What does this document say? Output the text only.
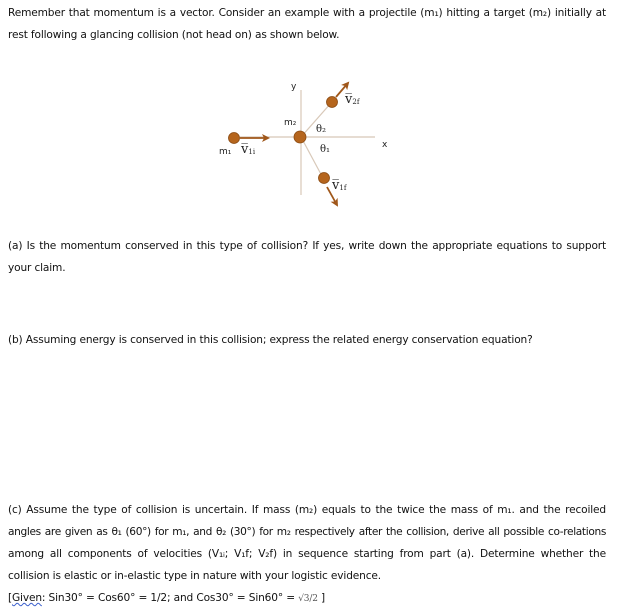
Remember that momentum is a vector. Consider an example with a projectile (m₁) hitting a target (m₂) initially at
rest following a glancing collision (not head on) as shown below.
y
x
m₁
m₂
θ₂
θ₁
$v̅_{1i}$
$v̅_{2f}$
$v̅_{1f}$
(a) Is the momentum conserved in this type of collision? If yes, write down the appropriate equations to support
your claim.
(b) Assuming energy is conserved in this collision; express the related energy conservation equation?
(c) Assume the type of collision is uncertain. If mass (m₂) equals to the twice the mass of m₁. and the recoiled
angles are given as θ₁ (60°) for m₁, and θ₂ (30°) for m₂ respectively after the collision, derive all possible co-relations
among all components of velocities (V₁ᵢ; V₁f; V₂f) in sequence starting from part (a). Determine whether the
collision is elastic or in-elastic type in nature with your logistic evidence.
[Given: Sin30° = Cos60° = 1/2; and Cos30° = Sin60° = √3/2 ]
